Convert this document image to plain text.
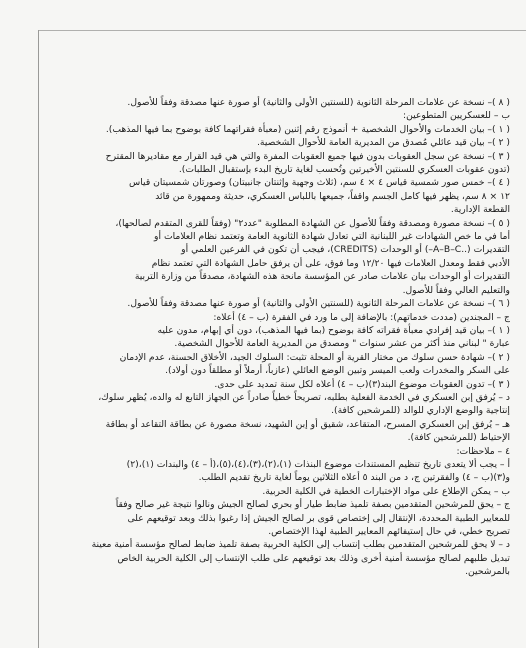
( ٨ )– نسخة عن علامات المرحلة الثانوية (للسنتين الأولى والثانية) أو صورة عنها مصدقة وفقاً للأصول.

ب – للعسكريين المتطوعين:

( ١ )– بيان الخدمات والأحوال الشخصية + أنموذج رقم إثنين (معبأة فقراتهما كافة بوضوح بما فيها المذهب).

( ٢ )– بيان قيد عائلي مُصدق من المديرية العامة للأحوال الشخصية.

( ٣ )– نسخة عن سجل العقوبات بدون فيها جميع العقوبات المفرة والتي هي قيد القرار مع مقاديرها المقترح

(تدون عقوبات العسكري للسنتين الأخيرتين وتُحسب لغاية تاريخ البدء بإستقبال الطلبات).

( ٤ )– خمس صور شمسية قياس ٤ × ٤ سم، (ثلاث وجهية وإثنتان جانبيتان) وصورتان شمسيتان قياس

١٢ × ٨ سم، يظهر فيها كامل الجسم واقفاً، جميعها باللباس العسكري، حديثة وممهورة من قائد

القطعة الإدارية.

( ٥ )– نسخة مصورة ومصدقة وفقاً للأصول عن الشهادة المطلوبة "عدد٢" (وفقاً للقرى المتقدم لصالحها)،

أما في ما خص الشهادات غير اللبنانية التي تعادل شهادة الثانوية العامة وتعتمد نظام العلامات أو

التقديرات (..A–B–C–) أو الوحدات (CREDITS)، فيجب أن تكون في الفرعين العلمي أو

الأدبي فقط ومعدل العلامات فيها ١٢/٢٠ وما فوق، على أن يرفق حامل الشهادة التي تعتمد نظام

التقديرات أو الوحدات بيان علامات صادر عن المؤسسة مانحة هذه الشهادة، مصدقاً من وزارة التربية

والتعليم العالي وفقاً للأصول.

( ٦ )– نسخة عن علامات المرحلة الثانوية (للسنتين الأولى والثانية) أو صورة عنها مصدقة وفقاً للأصول.

ج – المجندين (مددت خدماتهم): بالإضافة إلى ما ورد في الفقرة (ب – ٤) أعلاه:

( ١ )– بيان قيد إفرادي معبأة فقراته كافة بوضوح (بما فيها المذهب)، دون أي إبهام، مدون عليه

عبارة " لبناني منذ أكثر من عشر سنوات " ومصدق من المديرية العامة للأحوال الشخصية.

( ٢ )– شهادة حسن سلوك من مختار القرية أو المحلة تثبت: السلوك الجيد، الأخلاق الحسنة، عدم الإدمان

على السكر والمخدرات ولعب الميسر وتبين الوضع العائلي (عازباً، أرملاً أو مطلقاً دون أولاد).

( ٣ )– تدون العقوبات موضوع البند(٣)(ب – ٤) أعلاه لكل سنة تمديد على حدى.

د – يُرفق إبن العسكري في الخدمة الفعلية بطلبه، تصريحاً خطياً صادراً عن الجهاز التابع له والده، يُظهر سلوك،

إنتاجية والوضع الإداري للوالد (للمرشحين كافة).

هـ – يُرفق إبن العسكري المسرح، المتقاعد، شقيق أو إبن الشهيد، نسخة مصورة عن بطاقة التقاعد أو بطاقة

الإحتياط (للمرشحين كافة).

٤ – ملاحظات:

أ – يجب ألا يتعدى تاريخ تنظيم المستندات موضوع البنذات (١)،(٢)،(٣)،(٤)،(٥)،(أ – ٤) والبندات (١)،(٢)

و(٣)(ب – ٤) والفقرتين ج، د من البند ٥ أعلاه الثلاثين يوماً لغاية تاريخ تقديم الطلب.

ب – يمكن الإطلاع على مواد الإختبارات الخطية في الكلية الحربية.

ج – يحق للمرشحين المتقدمين بصفة تلميذ ضابط طيار أو بحري لصالح الجيش ونالوا نتيجة غير صالح وفقاً

للمعايير الطبية المحددة، الإنتقال إلى إختصاص قوى بر لصالح الجيش إذا رغبوا بذلك وبعد توقيعهم على

تصريح خطي، في حال إستيفائهم المعايير الطبية لهذا الإختصاص.

د – لا يحق للمرشحين المتقدمين بطلب إنتساب إلى الكلية الحربية بصفة تلميذ ضابط لصالح مؤسسة أمنية معينة

تبديل طلبهم لصالح مؤسسة أمنية أخرى وذلك بعد توقيعهم على طلب الإنتساب إلى الكلية الحربية الخاص

بالمرشحين.
